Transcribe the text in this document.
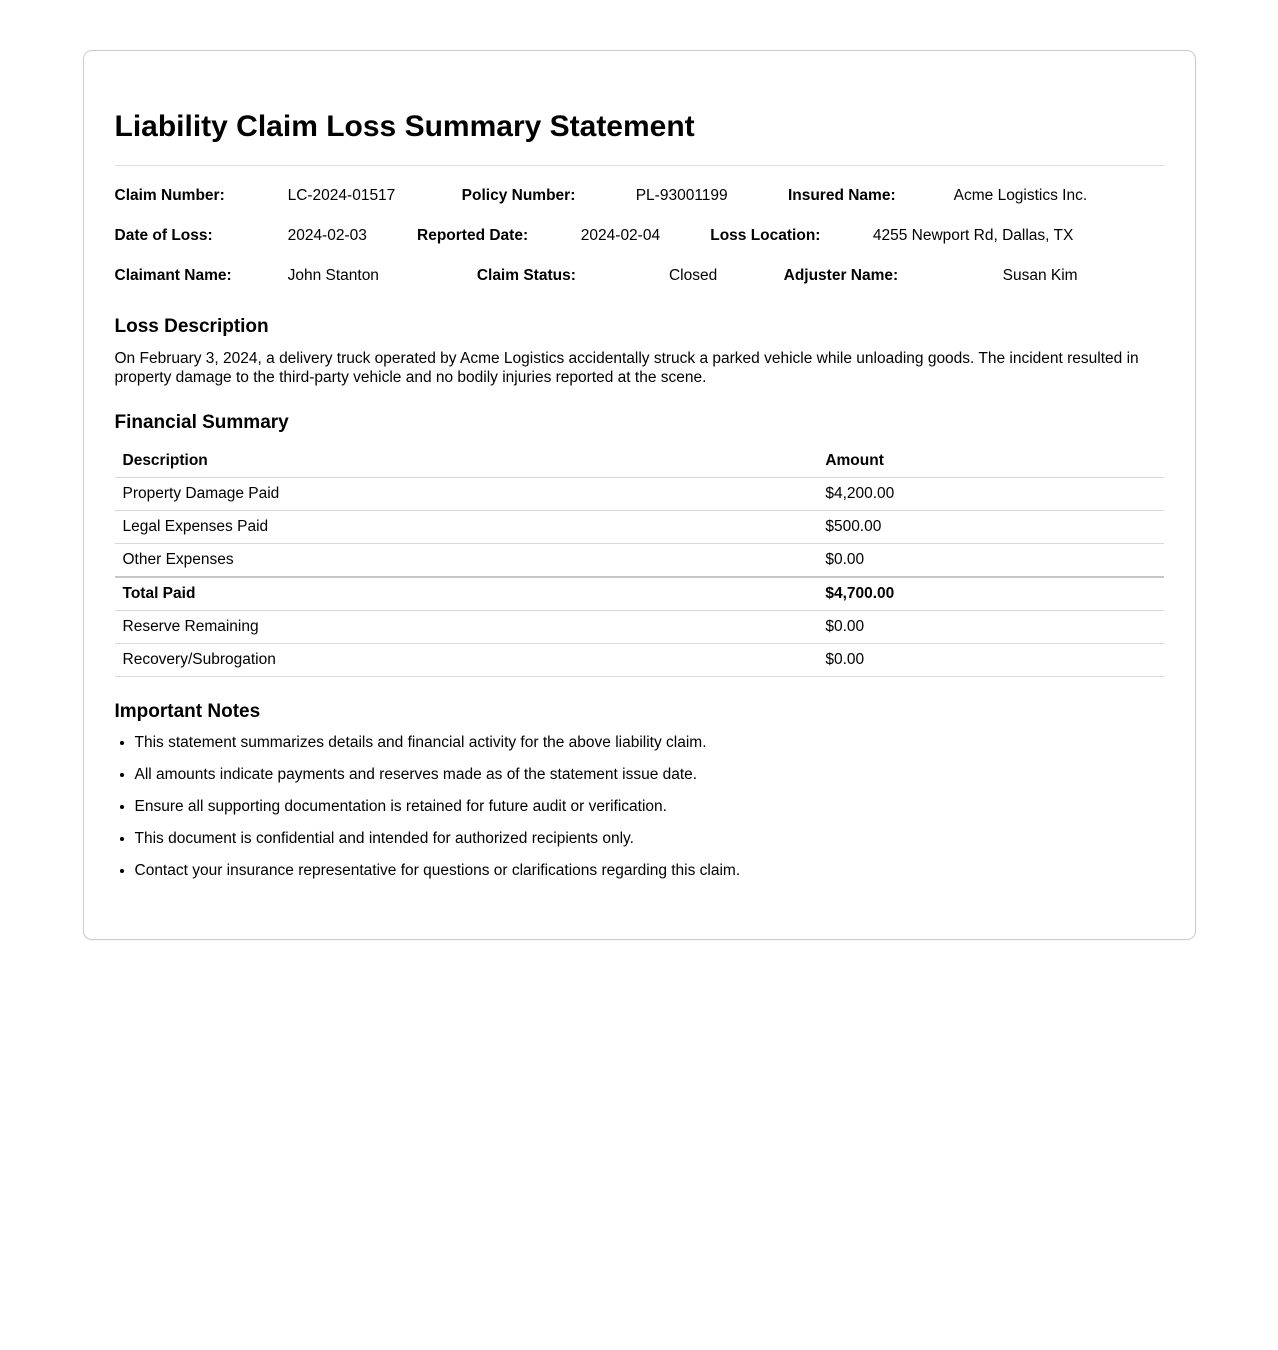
Liability Claim Loss Summary Statement
Claim Number:	LC-2024-01517	Policy Number:	PL-93001199	Insured Name:	Acme Logistics Inc.
Date of Loss:	2024-02-03	Reported Date:	2024-02-04	Loss Location:	4255 Newport Rd, Dallas, TX
Claimant Name:	John Stanton	Claim Status:	Closed	Adjuster Name:	Susan Kim
Loss Description

On February 3, 2024, a delivery truck operated by Acme Logistics accidentally struck a parked vehicle while unloading goods. The incident resulted in property damage to the third-party vehicle and no bodily injuries reported at the scene.

Financial Summary
Description	Amount
Property Damage Paid	$4,200.00
Legal Expenses Paid	$500.00
Other Expenses	$0.00
Total Paid	$4,700.00
Reserve Remaining	$0.00
Recovery/Subrogation	$0.00
Important Notes
• This statement summarizes details and financial activity for the above liability claim.
• All amounts indicate payments and reserves made as of the statement issue date.
• Ensure all supporting documentation is retained for future audit or verification.
• This document is confidential and intended for authorized recipients only.
• Contact your insurance representative for questions or clarifications regarding this claim.
